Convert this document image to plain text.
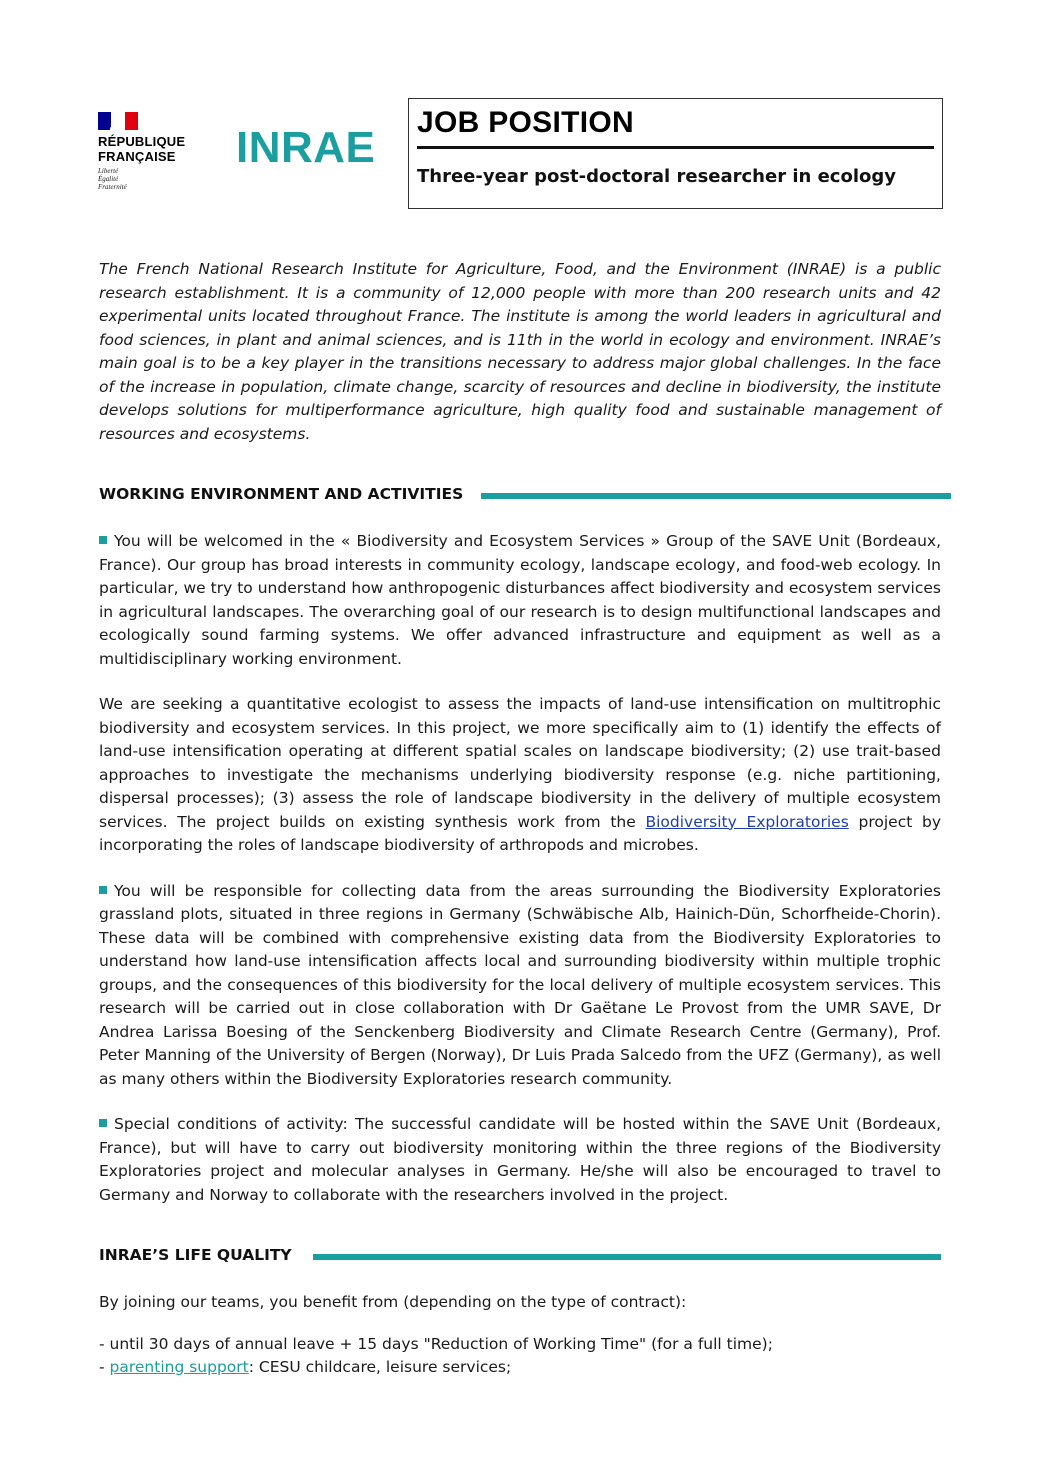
RÉPUBLIQUE
FRANÇAISE
Liberté
Égalité
Fraternité
INRAE
JOB POSITION
Three-year post-doctoral researcher in ecology

The French National Research Institute for Agriculture, Food, and the Environment (INRAE) is a public research establishment. It is a community of 12,000 people with more than 200 research units and 42 experimental units located throughout France. The institute is among the world leaders in agricultural and food sciences, in plant and animal sciences, and is 11th in the world in ecology and environment. INRAE’s main goal is to be a key player in the transitions necessary to address major global challenges. In the face of the increase in population, climate change, scarcity of resources and decline in biodiversity, the institute develops solutions for multiperformance agriculture, high quality food and sustainable management of resources and ecosystems.

WORKING ENVIRONMENT AND ACTIVITIES

You will be welcomed in the « Biodiversity and Ecosystem Services » Group of the SAVE Unit (Bordeaux, France). Our group has broad interests in community ecology, landscape ecology, and food-web ecology. In particular, we try to understand how anthropogenic disturbances affect biodiversity and ecosystem services in agricultural landscapes. The overarching goal of our research is to design multifunctional landscapes and ecologically sound farming systems. We offer advanced infrastructure and equipment as well as a multidisciplinary working environment.

We are seeking a quantitative ecologist to assess the impacts of land-use intensification on multitrophic biodiversity and ecosystem services. In this project, we more specifically aim to (1) identify the effects of land-use intensification operating at different spatial scales on landscape biodiversity; (2) use trait-based approaches to investigate the mechanisms underlying biodiversity response (e.g. niche partitioning, dispersal processes); (3) assess the role of landscape biodiversity in the delivery of multiple ecosystem services. The project builds on existing synthesis work from the Biodiversity Exploratories project by incorporating the roles of landscape biodiversity of arthropods and microbes.

You will be responsible for collecting data from the areas surrounding the Biodiversity Exploratories grassland plots, situated in three regions in Germany (Schwäbische Alb, Hainich-Dün, Schorfheide-Chorin). These data will be combined with comprehensive existing data from the Biodiversity Exploratories to understand how land-use intensification affects local and surrounding biodiversity within multiple trophic groups, and the consequences of this biodiversity for the local delivery of multiple ecosystem services. This research will be carried out in close collaboration with Dr Gaëtane Le Provost from the UMR SAVE, Dr Andrea Larissa Boesing of the Senckenberg Biodiversity and Climate Research Centre (Germany), Prof. Peter Manning of the University of Bergen (Norway), Dr Luis Prada Salcedo from the UFZ (Germany), as well as many others within the Biodiversity Exploratories research community.

Special conditions of activity: The successful candidate will be hosted within the SAVE Unit (Bordeaux, France), but will have to carry out biodiversity monitoring within the three regions of the Biodiversity Exploratories project and molecular analyses in Germany. He/she will also be encouraged to travel to Germany and Norway to collaborate with the researchers involved in the project.

INRAE’S LIFE QUALITY

By joining our teams, you benefit from (depending on the type of contract):

- until 30 days of annual leave + 15 days "Reduction of Working Time" (for a full time);

- parenting support: CESU childcare, leisure services;
